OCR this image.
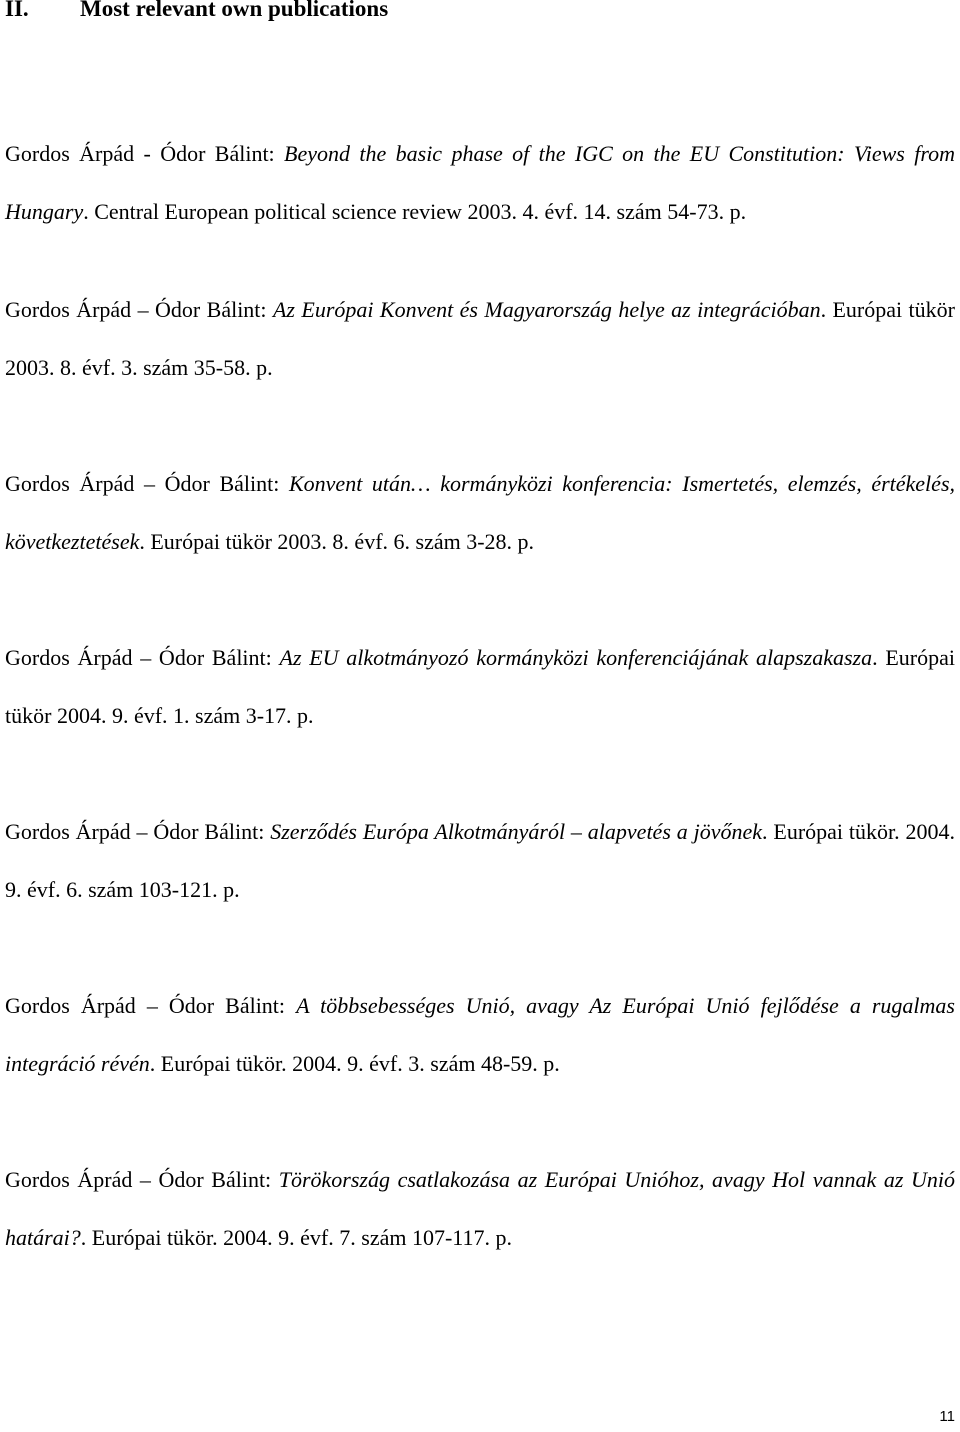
II. Most relevant own publications

Gordos Árpád - Ódor Bálint: Beyond the basic phase of the IGC on the EU Constitution: Views from Hungary. Central European political science review 2003. 4. évf. 14. szám 54-73. p.

Gordos Árpád – Ódor Bálint: Az Európai Konvent és Magyarország helye az integrációban. Európai tükör 2003. 8. évf. 3. szám 35-58. p.

Gordos Árpád – Ódor Bálint: Konvent után… kormányközi konferencia: Ismertetés, elemzés, értékelés, következtetések. Európai tükör 2003. 8. évf. 6. szám 3-28. p.

Gordos Árpád – Ódor Bálint: Az EU alkotmányozó kormányközi konferenciájának alapszakasza. Európai tükör 2004. 9. évf. 1. szám 3-17. p.

Gordos Árpád – Ódor Bálint: Szerződés Európa Alkotmányáról – alapvetés a jövőnek. Európai tükör. 2004. 9. évf. 6. szám 103-121. p.

Gordos Árpád – Ódor Bálint: A többsebességes Unió, avagy Az Európai Unió fejlődése a rugalmas integráció révén. Európai tükör. 2004. 9. évf. 3. szám 48-59. p.

Gordos Áprád – Ódor Bálint: Törökország csatlakozása az Európai Unióhoz, avagy Hol vannak az Unió határai?. Európai tükör. 2004. 9. évf. 7. szám 107-117. p.

11
